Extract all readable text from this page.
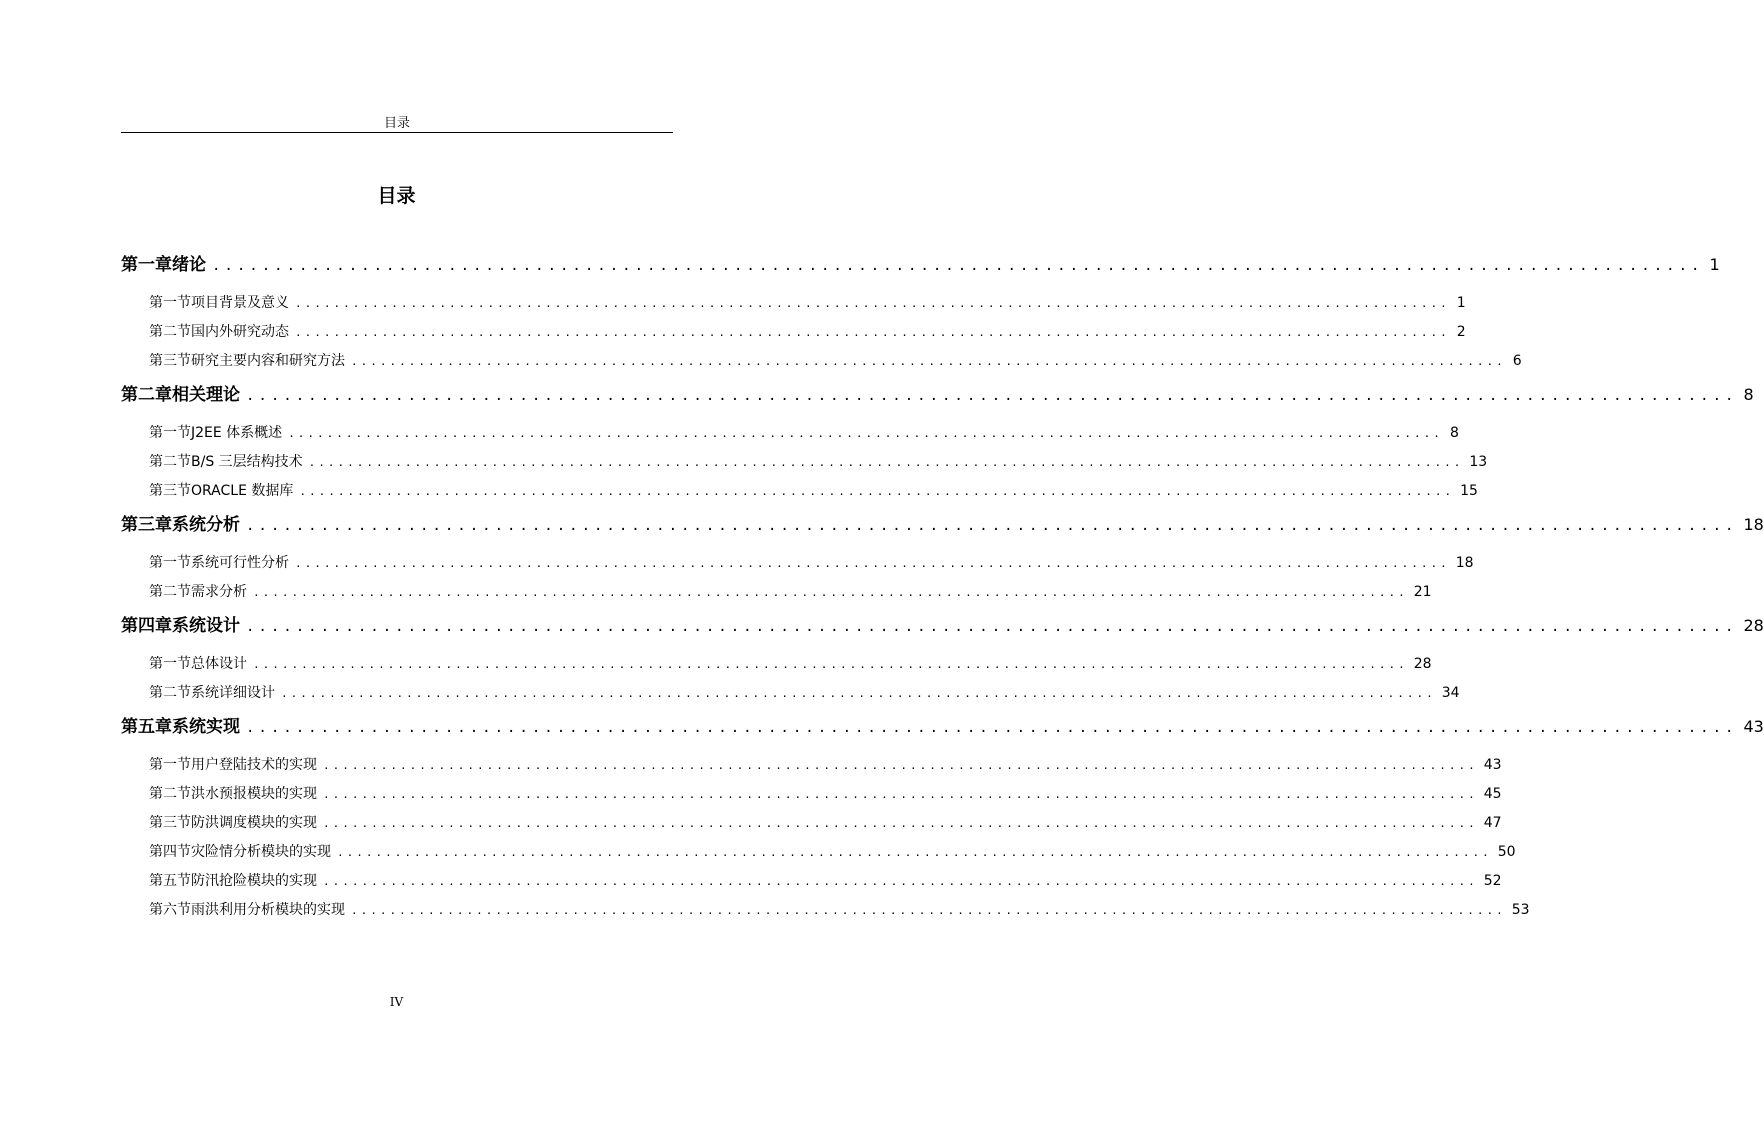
目录
目录
第一章 绪论 ........................................................................................................................ 1
第一节 项目背景及意义 ........................................................................................................................ 1
第二节 国内外研究动态 ........................................................................................................................ 2
第三节 研究主要内容和研究方法 ........................................................................................................................ 6
第二章 相关理论 ........................................................................................................................ 8
第一节 J2EE 体系概述 ........................................................................................................................ 8
第二节 B/S 三层结构技术 ........................................................................................................................ 13
第三节 ORACLE 数据库 ........................................................................................................................ 15
第三章 系统分析 ........................................................................................................................ 18
第一节 系统可行性分析 ........................................................................................................................ 18
第二节 需求分析 ........................................................................................................................ 21
第四章 系统设计 ........................................................................................................................ 28
第一节 总体设计 ........................................................................................................................ 28
第二节 系统详细设计 ........................................................................................................................ 34
第五章 系统实现 ........................................................................................................................ 43
第一节 用户登陆技术的实现 ........................................................................................................................ 43
第二节 洪水预报模块的实现 ........................................................................................................................ 45
第三节 防洪调度模块的实现 ........................................................................................................................ 47
第四节 灾险情分析模块的实现 ........................................................................................................................ 50
第五节 防汛抢险模块的实现 ........................................................................................................................ 52
第六节 雨洪利用分析模块的实现 ........................................................................................................................ 53
IV
